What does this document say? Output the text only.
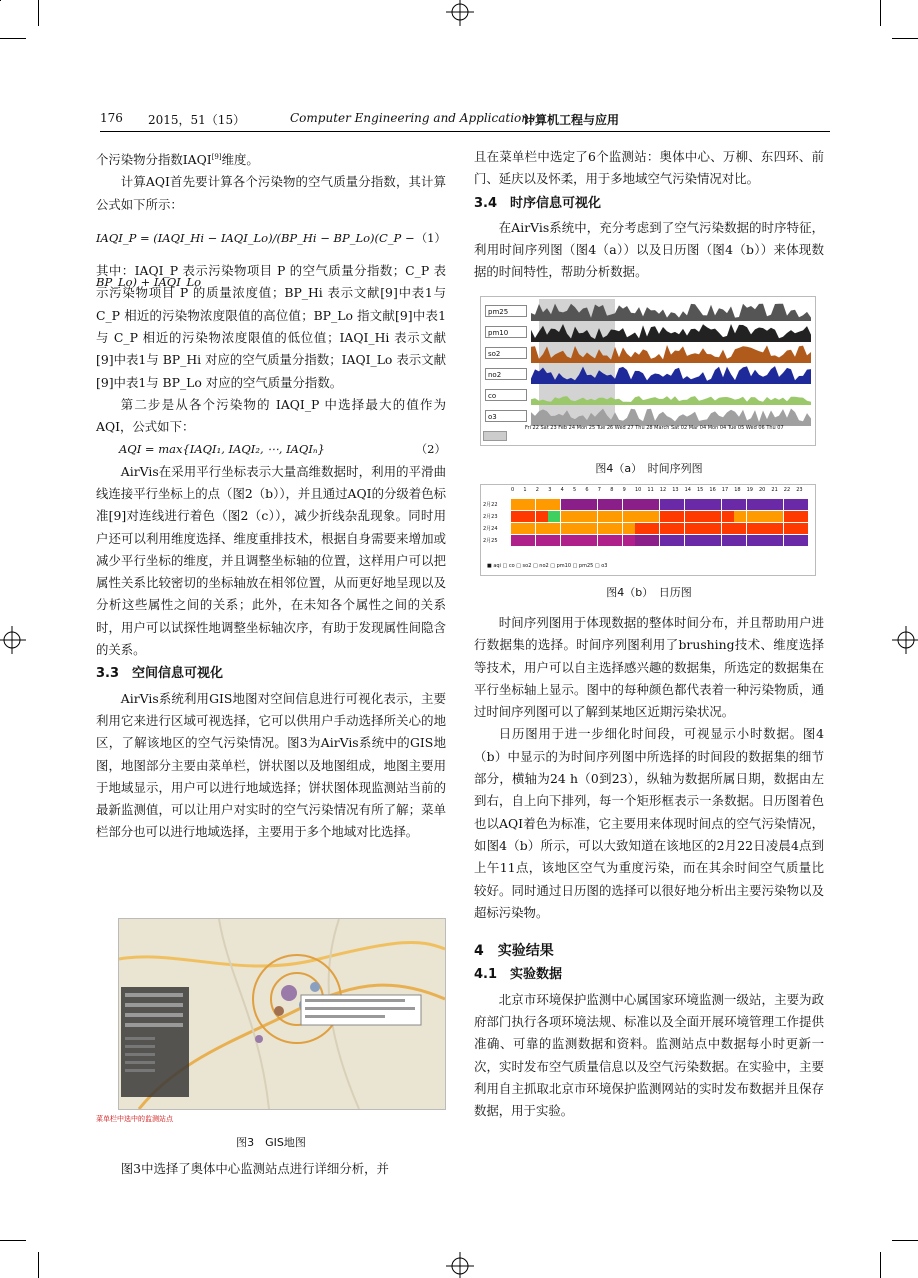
176 2015，51（15）	Computer Engineering and Applications
计算机工程与应用

个污染物分指数IAQI[9]维度。

计算AQI首先要计算各个污染物的空气质量分指数，其计算公式如下所示：

IAQI_P = (IAQI_Hi − IAQI_Lo)/(BP_Hi − BP_Lo)(C_P − BP_Lo) + IAQI_Lo
（1）

其中：IAQI_P 表示污染物项目 P 的空气质量分指数；C_P 表示污染物项目 P 的质量浓度值；BP_Hi 表示文献[9]中表1与 C_P 相近的污染物浓度限值的高位值；BP_Lo 指文献[9]中表1与 C_P 相近的污染物浓度限值的低位值；IAQI_Hi 表示文献[9]中表1与 BP_Hi 对应的空气质量分指数；IAQI_Lo 表示文献[9]中表1与 BP_Lo 对应的空气质量分指数。

第二步是从各个污染物的 IAQI_P 中选择最大的值作为AQI，公式如下：

AQI = max{IAQI₁, IAQI₂, ⋯, IAQIₙ}	（2）

AirVis在采用平行坐标表示大量高维数据时，利用的平滑曲线连接平行坐标上的点（图2（b）），并且通过AQI的分级着色标准[9]对连线进行着色（图2（c）），减少折线杂乱现象。同时用户还可以利用维度选择、维度重排技术，根据自身需要来增加或减少平行坐标的维度，并且调整坐标轴的位置，这样用户可以把属性关系比较密切的坐标轴放在相邻位置，从而更好地呈现以及分析这些属性之间的关系；此外，在未知各个属性之间的关系时，用户可以试探性地调整坐标轴次序，有助于发现属性间隐含的关系。

3.3　空间信息可视化

AirVis系统利用GIS地图对空间信息进行可视化表示，主要利用它来进行区域可视选择，它可以供用户手动选择所关心的地区，了解该地区的空气污染情况。图3为AirVis系统中的GIS地图，地图部分主要由菜单栏，饼状图以及地图组成，地图主要用于地域显示，用户可以进行地域选择；饼状图体现监测站当前的最新监测值，可以让用户对实时的空气污染情况有所了解；菜单栏部分也可以进行地域选择，主要用于多个地域对比选择。

菜单栏中选中的监测站点
图3　GIS地图
图3中选择了奥体中心监测站点进行详细分析，并

且在菜单栏中选定了6个监测站：奥体中心、万柳、东四环、前门、延庆以及怀柔，用于多地域空气污染情况对比。

3.4　时序信息可视化

在AirVis系统中，充分考虑到了空气污染数据的时序特征，利用时间序列图（图4（a））以及日历图（图4（b））来体现数据的时间特性，帮助分析数据。

pm25
pm10
so2
no2
co
o3
Fri 22 Sat 23 Feb 24 Mon 25 Tue 26 Wed 27 Thu 28 March Sat 02 Mar 04 Mon 04 Tue 05 Wed 06 Thu 07
图4（a）　时间序列图
0 1 2 3 4 5 6 7 8 9 10 11 12 13 14 15 16 17 18 19 20 21 22 23
2月22
2月23
2月24
2月25
■ aqi □ co □ so2 □ no2 □ pm10 □ pm25 □ o3
图4（b）　日历图

时间序列图用于体现数据的整体时间分布，并且帮助用户进行数据集的选择。时间序列图利用了brushing技术、维度选择等技术，用户可以自主选择感兴趣的数据集，所选定的数据集在平行坐标轴上显示。图中的每种颜色都代表着一种污染物质，通过时间序列图可以了解到某地区近期污染状况。

日历图用于进一步细化时间段，可视显示小时数据。图4（b）中显示的为时间序列图中所选择的时间段的数据集的细节部分，横轴为24 h（0到23），纵轴为数据所属日期，数据由左到右，自上向下排列，每一个矩形框表示一条数据。日历图着色也以AQI着色为标准，它主要用来体现时间点的空气污染情况，如图4（b）所示，可以大致知道在该地区的2月22日凌晨4点到上午11点，该地区空气为重度污染，而在其余时间空气质量比较好。同时通过日历图的选择可以很好地分析出主要污染物以及超标污染物。

4　实验结果
4.1　实验数据

北京市环境保护监测中心属国家环境监测一级站，主要为政府部门执行各项环境法规、标准以及全面开展环境管理工作提供准确、可靠的监测数据和资料。监测站点中数据每小时更新一次，实时发布空气质量信息以及空气污染数据。在实验中，主要利用自主抓取北京市环境保护监测网站的实时发布数据并且保存数据，用于实验。
